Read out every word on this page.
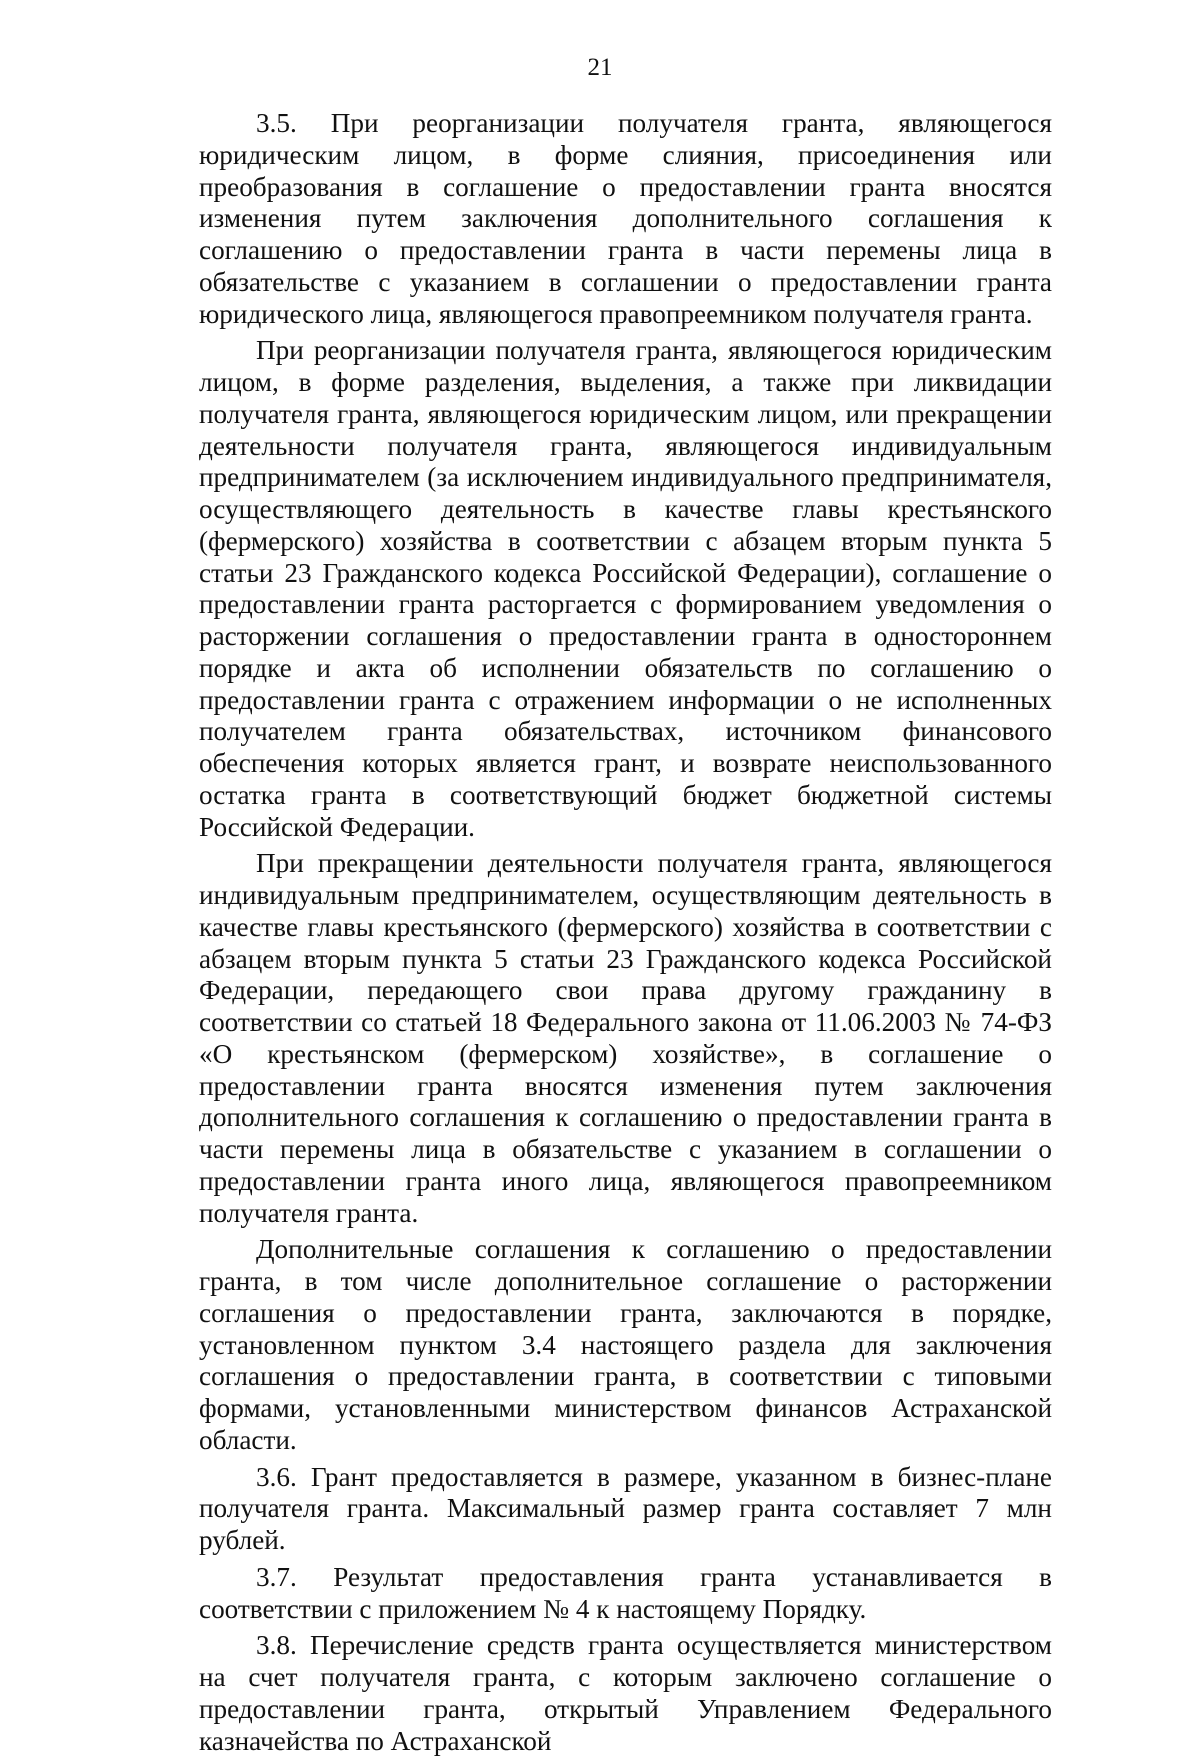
21

3.5. При реорганизации получателя гранта, являющегося юридическим лицом, в форме слияния, присоединения или преобразования в соглашение о предоставлении гранта вносятся изменения путем заключения дополнительного соглашения к соглашению о предоставлении гранта в части перемены лица в обязательстве с указанием в соглашении о предоставлении гранта юридического лица, являющегося правопреемником получателя гранта.

При реорганизации получателя гранта, являющегося юридическим лицом, в форме разделения, выделения, а также при ликвидации получателя гранта, являющегося юридическим лицом, или прекращении деятельности получателя гранта, являющегося индивидуальным предпринимателем (за исключением индивидуального предпринимателя, осуществляющего деятельность в качестве главы крестьянского (фермерского) хозяйства в соответствии с абзацем вторым пункта 5 статьи 23 Гражданского кодекса Российской Федерации), соглашение о предоставлении гранта расторгается с формированием уведомления о расторжении соглашения о предоставлении гранта в одностороннем порядке и акта об исполнении обязательств по соглашению о предоставлении гранта с отражением информации о не исполненных получателем гранта обязательствах, источником финансового обеспечения которых является грант, и возврате неиспользованного остатка гранта в соответствующий бюджет бюджетной системы Российской Федерации.

При прекращении деятельности получателя гранта, являющегося индивидуальным предпринимателем, осуществляющим деятельность в качестве главы крестьянского (фермерского) хозяйства в соответствии с абзацем вторым пункта 5 статьи 23 Гражданского кодекса Российской Федерации, передающего свои права другому гражданину в соответствии со статьей 18 Федерального закона от 11.06.2003 № 74-ФЗ «О крестьянском (фермерском) хозяйстве», в соглашение о предоставлении гранта вносятся изменения путем заключения дополнительного соглашения к соглашению о предоставлении гранта в части перемены лица в обязательстве с указанием в соглашении о предоставлении гранта иного лица, являющегося правопреемником получателя гранта.

Дополнительные соглашения к соглашению о предоставлении гранта, в том числе дополнительное соглашение о расторжении соглашения о предоставлении гранта, заключаются в порядке, установленном пунктом 3.4 настоящего раздела для заключения соглашения о предоставлении гранта, в соответствии с типовыми формами, установленными министерством финансов Астраханской области.

3.6. Грант предоставляется в размере, указанном в бизнес-плане получателя гранта. Максимальный размер гранта составляет 7 млн рублей.

3.7. Результат предоставления гранта устанавливается в соответствии с приложением № 4 к настоящему Порядку.

3.8. Перечисление средств гранта осуществляется министерством на счет получателя гранта, с которым заключено соглашение о предоставлении гранта, открытый Управлением Федерального казначейства по Астраханской
